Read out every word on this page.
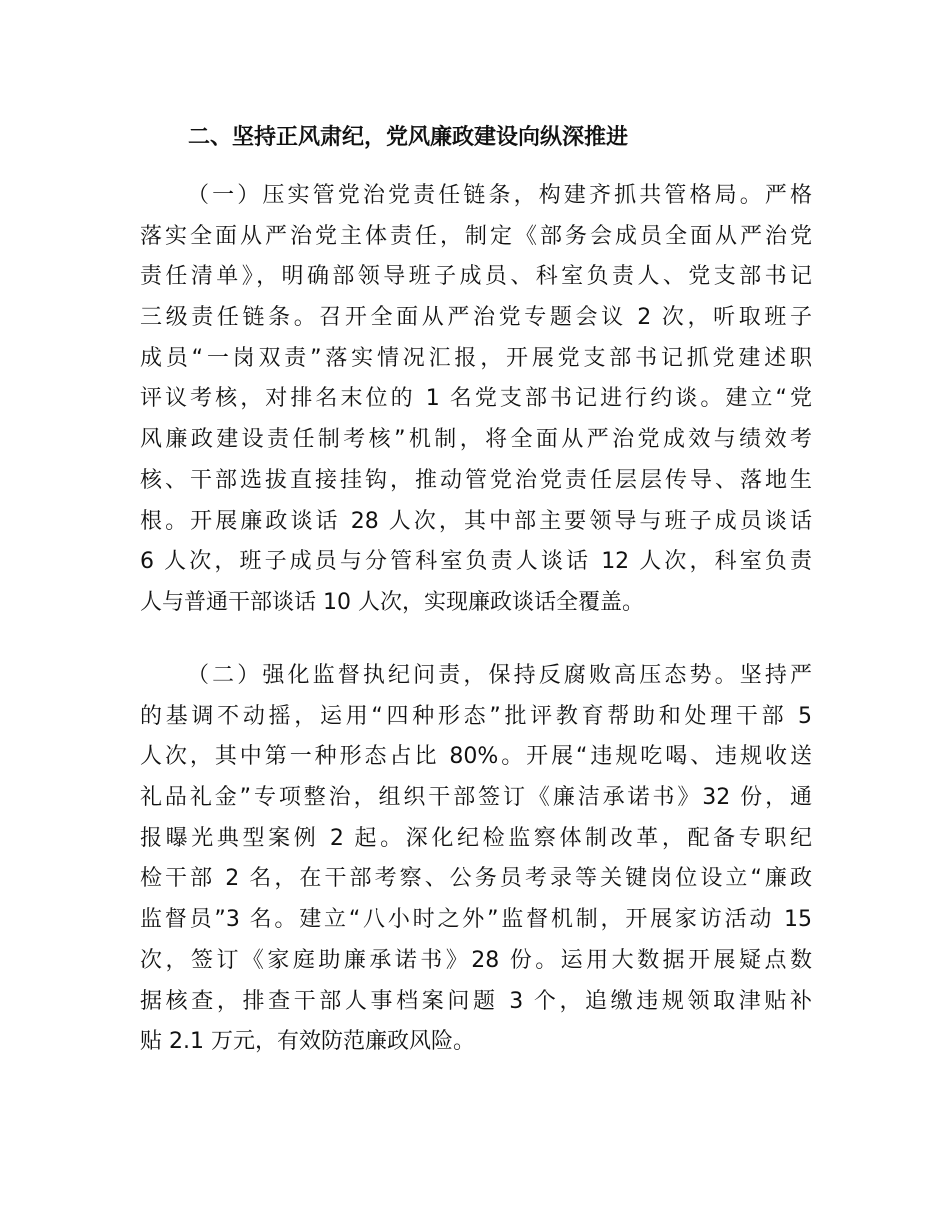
二、坚持正风肃纪，党风廉政建设向纵深推进
（一）压实管党治党责任链条，构建齐抓共管格局。严格
落实全面从严治党主体责任，制定《部务会成员全面从严治党
责任清单》，明确部领导班子成员、科室负责人、党支部书记
三级责任链条。召开全面从严治党专题会议 2 次，听取班子
成员“一岗双责”落实情况汇报，开展党支部书记抓党建述职
评议考核，对排名末位的 1 名党支部书记进行约谈。建立“党
风廉政建设责任制考核”机制，将全面从严治党成效与绩效考
核、干部选拔直接挂钩，推动管党治党责任层层传导、落地生
根。开展廉政谈话 28 人次，其中部主要领导与班子成员谈话
6 人次，班子成员与分管科室负责人谈话 12 人次，科室负责
人与普通干部谈话 10 人次，实现廉政谈话全覆盖。
（二）强化监督执纪问责，保持反腐败高压态势。坚持严
的基调不动摇，运用“四种形态”批评教育帮助和处理干部 5
人次，其中第一种形态占比 80%。开展“违规吃喝、违规收送
礼品礼金”专项整治，组织干部签订《廉洁承诺书》32 份，通
报曝光典型案例 2 起。深化纪检监察体制改革，配备专职纪
检干部 2 名，在干部考察、公务员考录等关键岗位设立“廉政
监督员”3 名。建立“八小时之外”监督机制，开展家访活动 15
次，签订《家庭助廉承诺书》28 份。运用大数据开展疑点数
据核查，排查干部人事档案问题 3 个，追缴违规领取津贴补
贴 2.1 万元，有效防范廉政风险。
